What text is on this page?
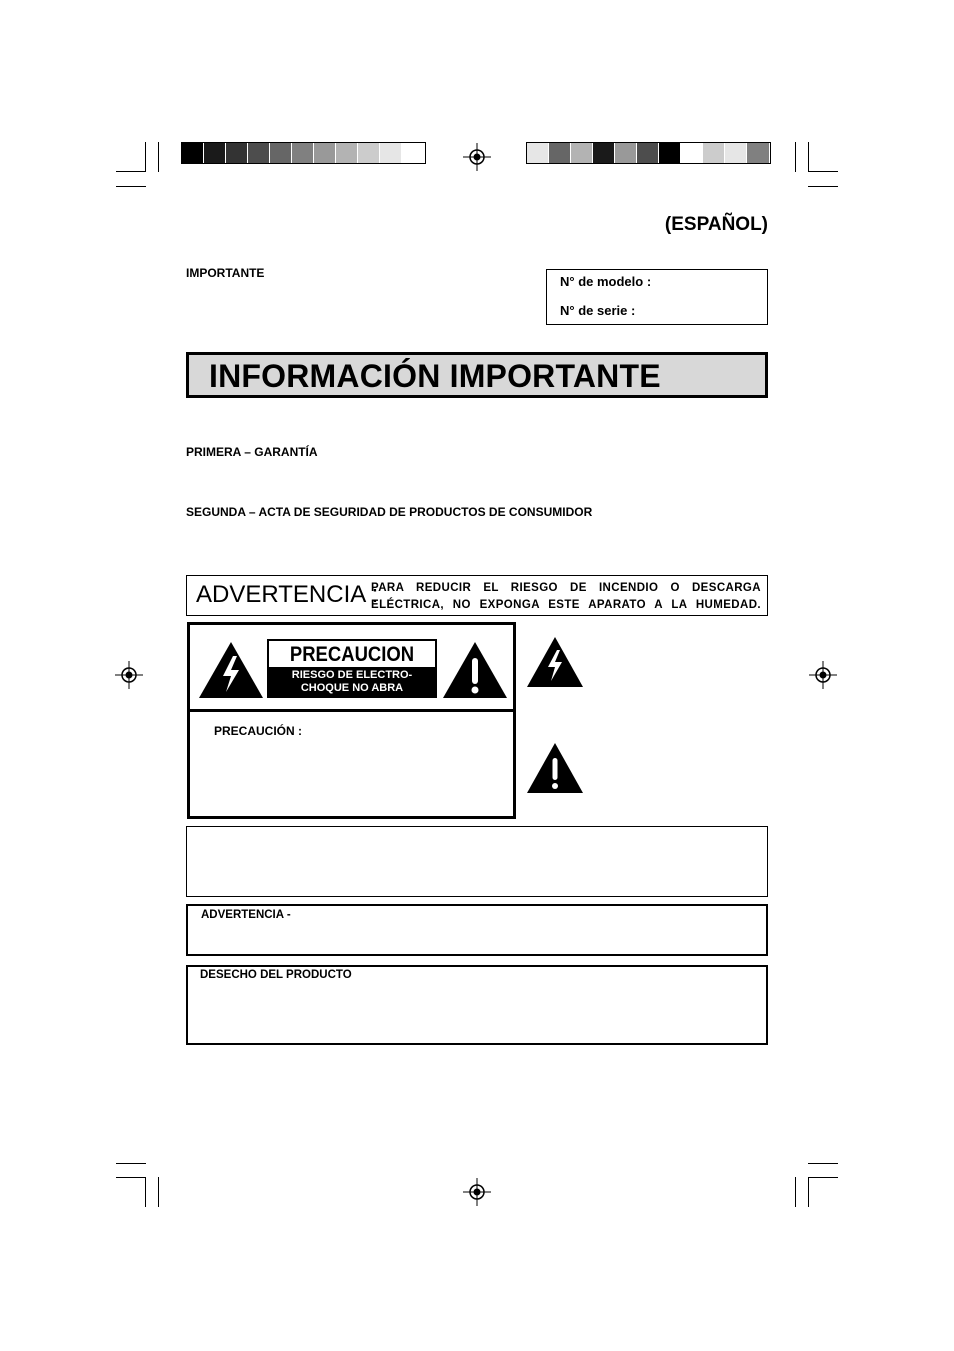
(ESPAÑOL)
IMPORTANTE
N° de modelo :
N° de serie :
INFORMACIÓN IMPORTANTE
PRIMERA – GARANTÍA
SEGUNDA – ACTA DE SEGURIDAD DE PRODUCTOS DE CONSUMIDOR
ADVERTENCIA :
PARA REDUCIR EL RIESGO DE INCENDIO O DESCARGA ELÉCTRICA, NO EXPONGA ESTE APARATO A LA HUMEDAD.
PRECAUCION
RIESGO DE ELECTRO-
CHOQUE NO ABRA
PRECAUCIÓN :
ADVERTENCIA -
DESECHO DEL PRODUCTO
